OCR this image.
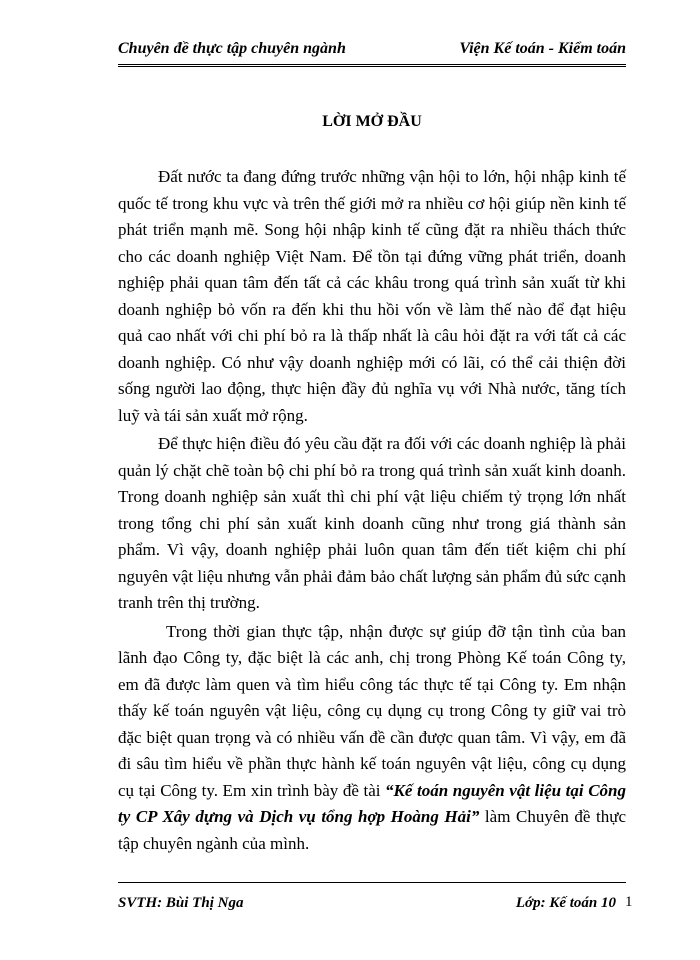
Chuyên đề thực tập chuyên ngành	Viện Kế toán - Kiểm toán
LỜI MỞ ĐẦU

Đất nước ta đang đứng trước những vận hội to lớn, hội nhập kinh tế quốc tế trong khu vực và trên thế giới mở ra nhiều cơ hội giúp nền kinh tế phát triển mạnh mẽ. Song hội nhập kinh tế cũng đặt ra nhiều thách thức cho các doanh nghiệp Việt Nam. Để tồn tại đứng vững phát triển, doanh nghiệp phải quan tâm đến tất cả các khâu trong quá trình sản xuất từ khi doanh nghiệp bỏ vốn ra đến khi thu hồi vốn về làm thế nào để đạt hiệu quả cao nhất với chi phí bỏ ra là thấp nhất là câu hỏi đặt ra với tất cả các doanh nghiệp. Có như vậy doanh nghiệp mới có lãi, có thể cải thiện đời sống người lao động, thực hiện đầy đủ nghĩa vụ với Nhà nước, tăng tích luỹ và tái sản xuất mở rộng.

Để thực hiện điều đó yêu cầu đặt ra đối với các doanh nghiệp là phải quản lý chặt chẽ toàn bộ chi phí bỏ ra trong quá trình sản xuất kinh doanh. Trong doanh nghiệp sản xuất thì chi phí vật liệu chiếm tỷ trọng lớn nhất trong tổng chi phí sản xuất kinh doanh cũng như trong giá thành sản phẩm. Vì vậy, doanh nghiệp phải luôn quan tâm đến tiết kiệm chi phí nguyên vật liệu nhưng vẫn phải đảm bảo chất lượng sản phẩm đủ sức cạnh tranh trên thị trường.

Trong thời gian thực tập, nhận được sự giúp đỡ tận tình của ban lãnh đạo Công ty, đặc biệt là các anh, chị trong Phòng Kế toán Công ty, em đã được làm quen và tìm hiểu công tác thực tế tại Công ty. Em nhận thấy kế toán nguyên vật liệu, công cụ dụng cụ trong Công ty giữ vai trò đặc biệt quan trọng và có nhiều vấn đề cần được quan tâm. Vì vậy, em đã đi sâu tìm hiểu về phần thực hành kế toán nguyên vật liệu, công cụ dụng cụ tại Công ty. Em xin trình bày đề tài “Kế toán nguyên vật liệu tại Công ty CP Xây dựng và Dịch vụ tổng hợp Hoàng Hải” làm Chuyên đề thực tập chuyên ngành của mình.

SVTH: Bùi Thị Nga	Lớp: Kế toán 10 1
